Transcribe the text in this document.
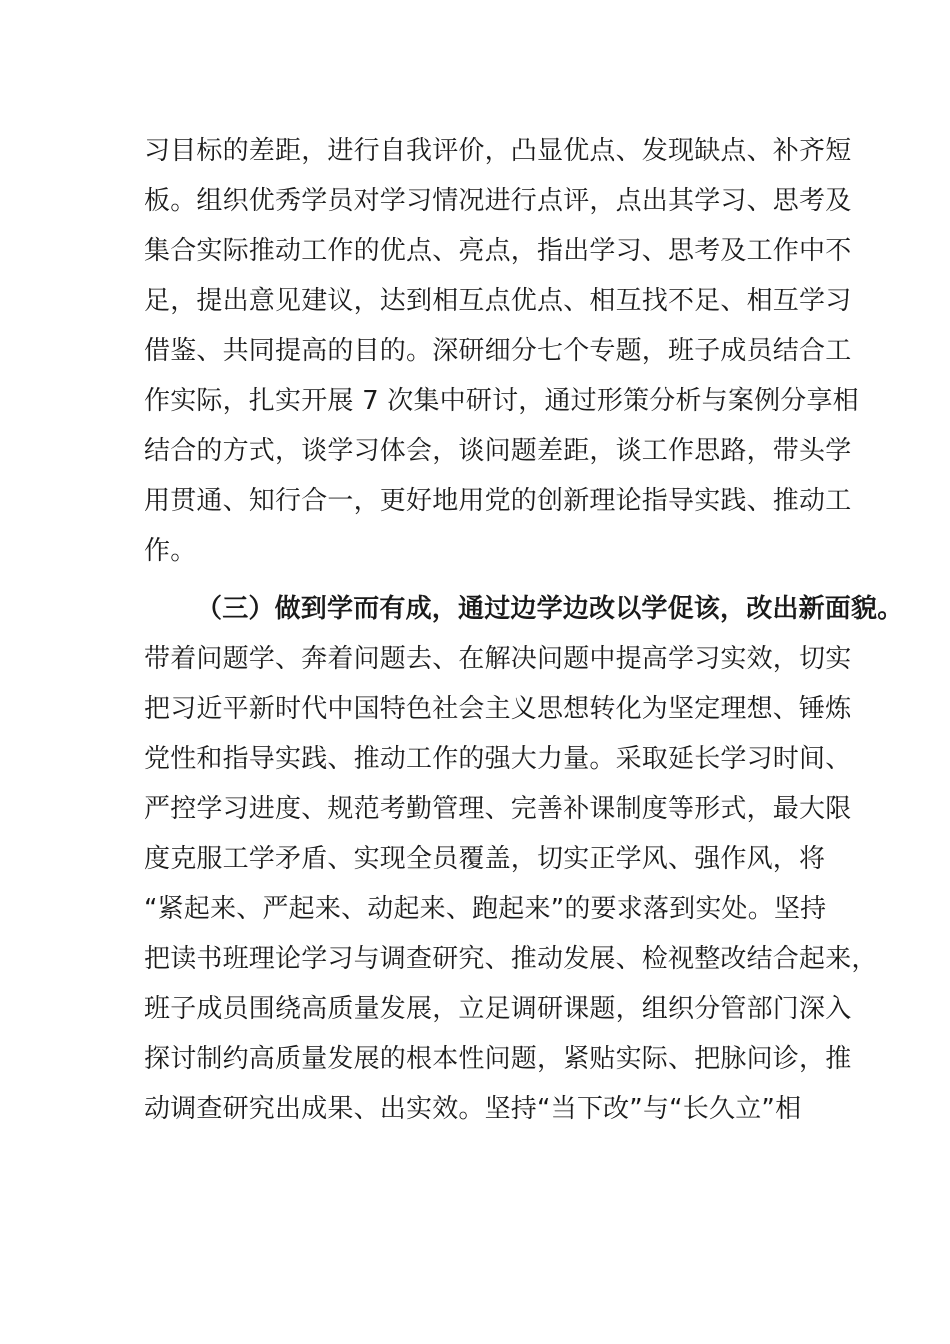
习目标的差距，进行自我评价，凸显优点、发现缺点、补齐短
板。组织优秀学员对学习情况进行点评，点出其学习、思考及
集合实际推动工作的优点、亮点，指出学习、思考及工作中不
足，提出意见建议，达到相互点优点、相互找不足、相互学习
借鉴、共同提高的目的。深研细分七个专题，班子成员结合工
作实际，扎实开展 7 次集中研讨，通过形策分析与案例分享相
结合的方式，谈学习体会，谈问题差距，谈工作思路，带头学
用贯通、知行合一，更好地用党的创新理论指导实践、推动工
作。
（三）做到学而有成，通过边学边改以学促该，改出新面貌。
带着问题学、奔着问题去、在解决问题中提高学习实效，切实
把习近平新时代中国特色社会主义思想转化为坚定理想、锤炼
党性和指导实践、推动工作的强大力量。采取延长学习时间、
严控学习进度、规范考勤管理、完善补课制度等形式，最大限
度克服工学矛盾、实现全员覆盖，切实正学风、强作风，将
“紧起来、严起来、动起来、跑起来”的要求落到实处。坚持
把读书班理论学习与调查研究、推动发展、检视整改结合起来，
班子成员围绕高质量发展，立足调研课题，组织分管部门深入
探讨制约高质量发展的根本性问题，紧贴实际、把脉问诊，推
动调查研究出成果、出实效。坚持“当下改”与“长久立”相
